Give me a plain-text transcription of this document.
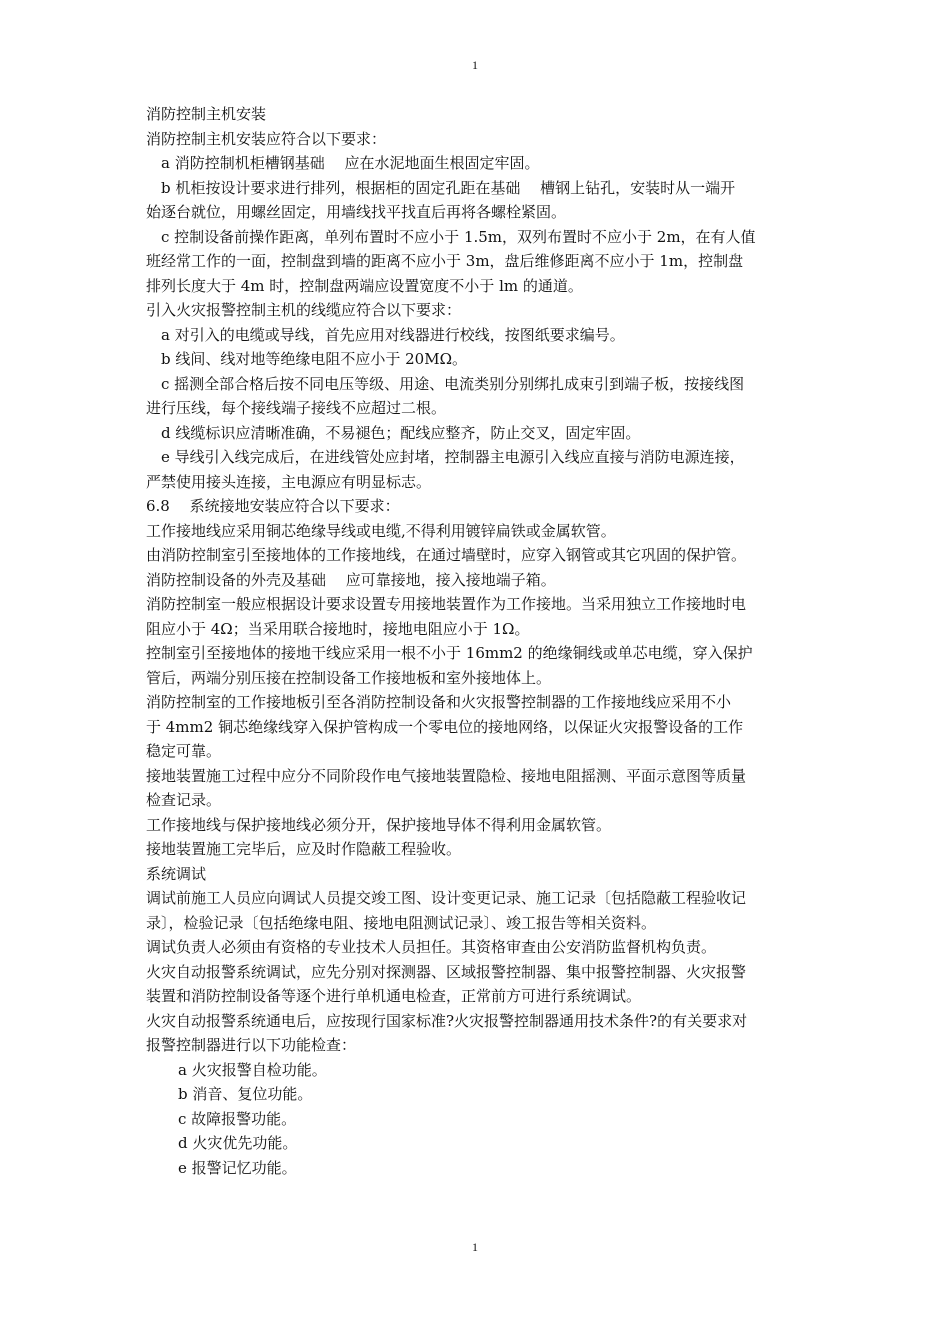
1
消防控制主机安装
消防控制主机安装应符合以下要求：
a 消防控制机柜槽钢基础　 应在水泥地面生根固定牢固。
b 机柜按设计要求进行排列，根据柜的固定孔距在基础　 槽钢上钻孔，安装时从一端开
始逐台就位，用螺丝固定，用墙线找平找直后再将各螺栓紧固。
c 控制设备前操作距离，单列布置时不应小于 1.5m，双列布置时不应小于 2m，在有人值
班经常工作的一面，控制盘到墙的距离不应小于 3m，盘后维修距离不应小于 1m，控制盘
排列长度大于 4m 时，控制盘两端应设置宽度不小于 lm 的通道。
引入火灾报警控制主机的线缆应符合以下要求：
a 对引入的电缆或导线，首先应用对线器进行校线，按图纸要求编号。
b 线间、线对地等绝缘电阻不应小于 20MΩ。
c 摇测全部合格后按不同电压等级、用途、电流类别分别绑扎成束引到端子板，按接线图
进行压线，每个接线端子接线不应超过二根。
d 线缆标识应清晰准确，不易褪色；配线应整齐，防止交叉，固定牢固。
e 导线引入线完成后，在进线管处应封堵，控制器主电源引入线应直接与消防电源连接，
严禁使用接头连接，主电源应有明显标志。
6.8　 系统接地安装应符合以下要求：
工作接地线应采用铜芯绝缘导线或电缆,不得利用镀锌扁铁或金属软管。
由消防控制室引至接地体的工作接地线，在通过墙壁时，应穿入钢管或其它巩固的保护管。
消防控制设备的外壳及基础　 应可靠接地，接入接地端子箱。
消防控制室一般应根据设计要求设置专用接地装置作为工作接地。当采用独立工作接地时电
阻应小于 4Ω；当采用联合接地时，接地电阻应小于 1Ω。
控制室引至接地体的接地干线应采用一根不小于 16mm2 的绝缘铜线或单芯电缆，穿入保护
管后，两端分别压接在控制设备工作接地板和室外接地体上。
消防控制室的工作接地板引至各消防控制设备和火灾报警控制器的工作接地线应采用不小
于 4mm2 铜芯绝缘线穿入保护管构成一个零电位的接地网络，以保证火灾报警设备的工作
稳定可靠。
接地装置施工过程中应分不同阶段作电气接地装置隐检、接地电阻摇测、平面示意图等质量
检查记录。
工作接地线与保护接地线必须分开，保护接地导体不得利用金属软管。
接地装置施工完毕后，应及时作隐蔽工程验收。
系统调试
调试前施工人员应向调试人员提交竣工图、设计变更记录、施工记录〔包括隐蔽工程验收记
录〕，检验记录〔包括绝缘电阻、接地电阻测试记录〕、竣工报告等相关资料。
调试负责人必须由有资格的专业技术人员担任。其资格审查由公安消防监督机构负责。
火灾自动报警系统调试，应先分别对探测器、区域报警控制器、集中报警控制器、火灾报警
装置和消防控制设备等逐个进行单机通电检查，正常前方可进行系统调试。
火灾自动报警系统通电后，应按现行国家标准?火灾报警控制器通用技术条件?的有关要求对
报警控制器进行以下功能检查：
a 火灾报警自检功能。
b 消音、复位功能。
c 故障报警功能。
d 火灾优先功能。
e 报警记忆功能。
1
